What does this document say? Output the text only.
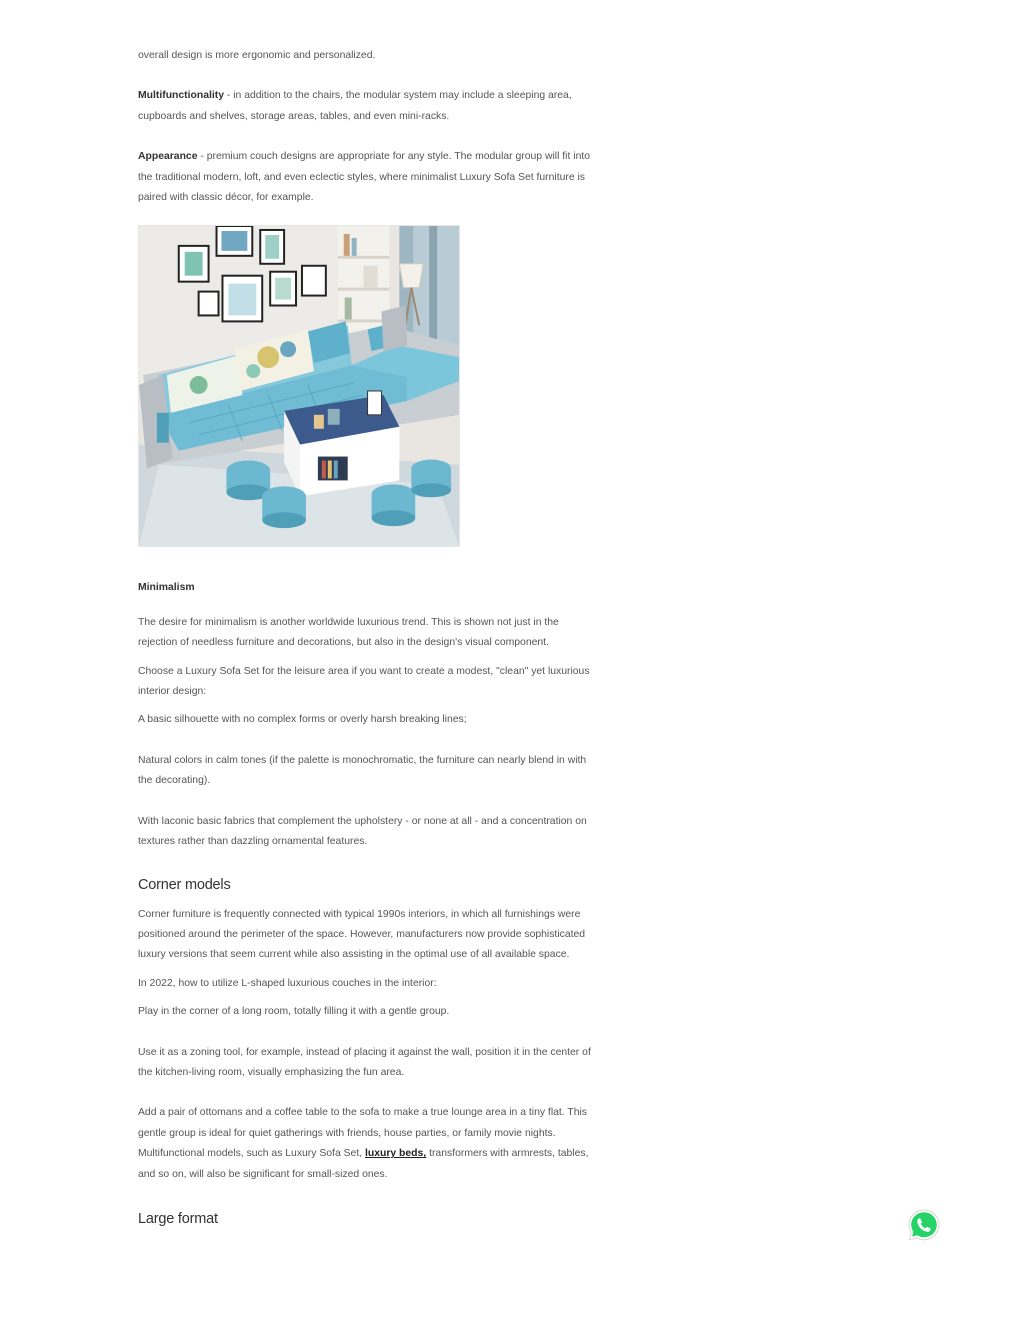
overall design is more ergonomic and personalized.

Multifunctionality - in addition to the chairs, the modular system may include a sleeping area, cupboards and shelves, storage areas, tables, and even mini-racks.

Appearance - premium couch designs are appropriate for any style. The modular group will fit into the traditional modern, loft, and even eclectic styles, where minimalist Luxury Sofa Set furniture is paired with classic décor, for example.

Minimalism

The desire for minimalism is another worldwide luxurious trend. This is shown not just in the rejection of needless furniture and decorations, but also in the design's visual component.

Choose a Luxury Sofa Set for the leisure area if you want to create a modest, "clean" yet luxurious interior design:

A basic silhouette with no complex forms or overly harsh breaking lines;

Natural colors in calm tones (if the palette is monochromatic, the furniture can nearly blend in with the decorating).

With laconic basic fabrics that complement the upholstery - or none at all - and a concentration on textures rather than dazzling ornamental features.

Corner models

Corner furniture is frequently connected with typical 1990s interiors, in which all furnishings were positioned around the perimeter of the space. However, manufacturers now provide sophisticated luxury versions that seem current while also assisting in the optimal use of all available space.

In 2022, how to utilize L-shaped luxurious couches in the interior:

Play in the corner of a long room, totally filling it with a gentle group.

Use it as a zoning tool, for example, instead of placing it against the wall, position it in the center of the kitchen-living room, visually emphasizing the fun area.

Add a pair of ottomans and a coffee table to the sofa to make a true lounge area in a tiny flat. This gentle group is ideal for quiet gatherings with friends, house parties, or family movie nights. Multifunctional models, such as Luxury Sofa Set, luxury beds, transformers with armrests, tables, and so on, will also be significant for small-sized ones.

Large format
